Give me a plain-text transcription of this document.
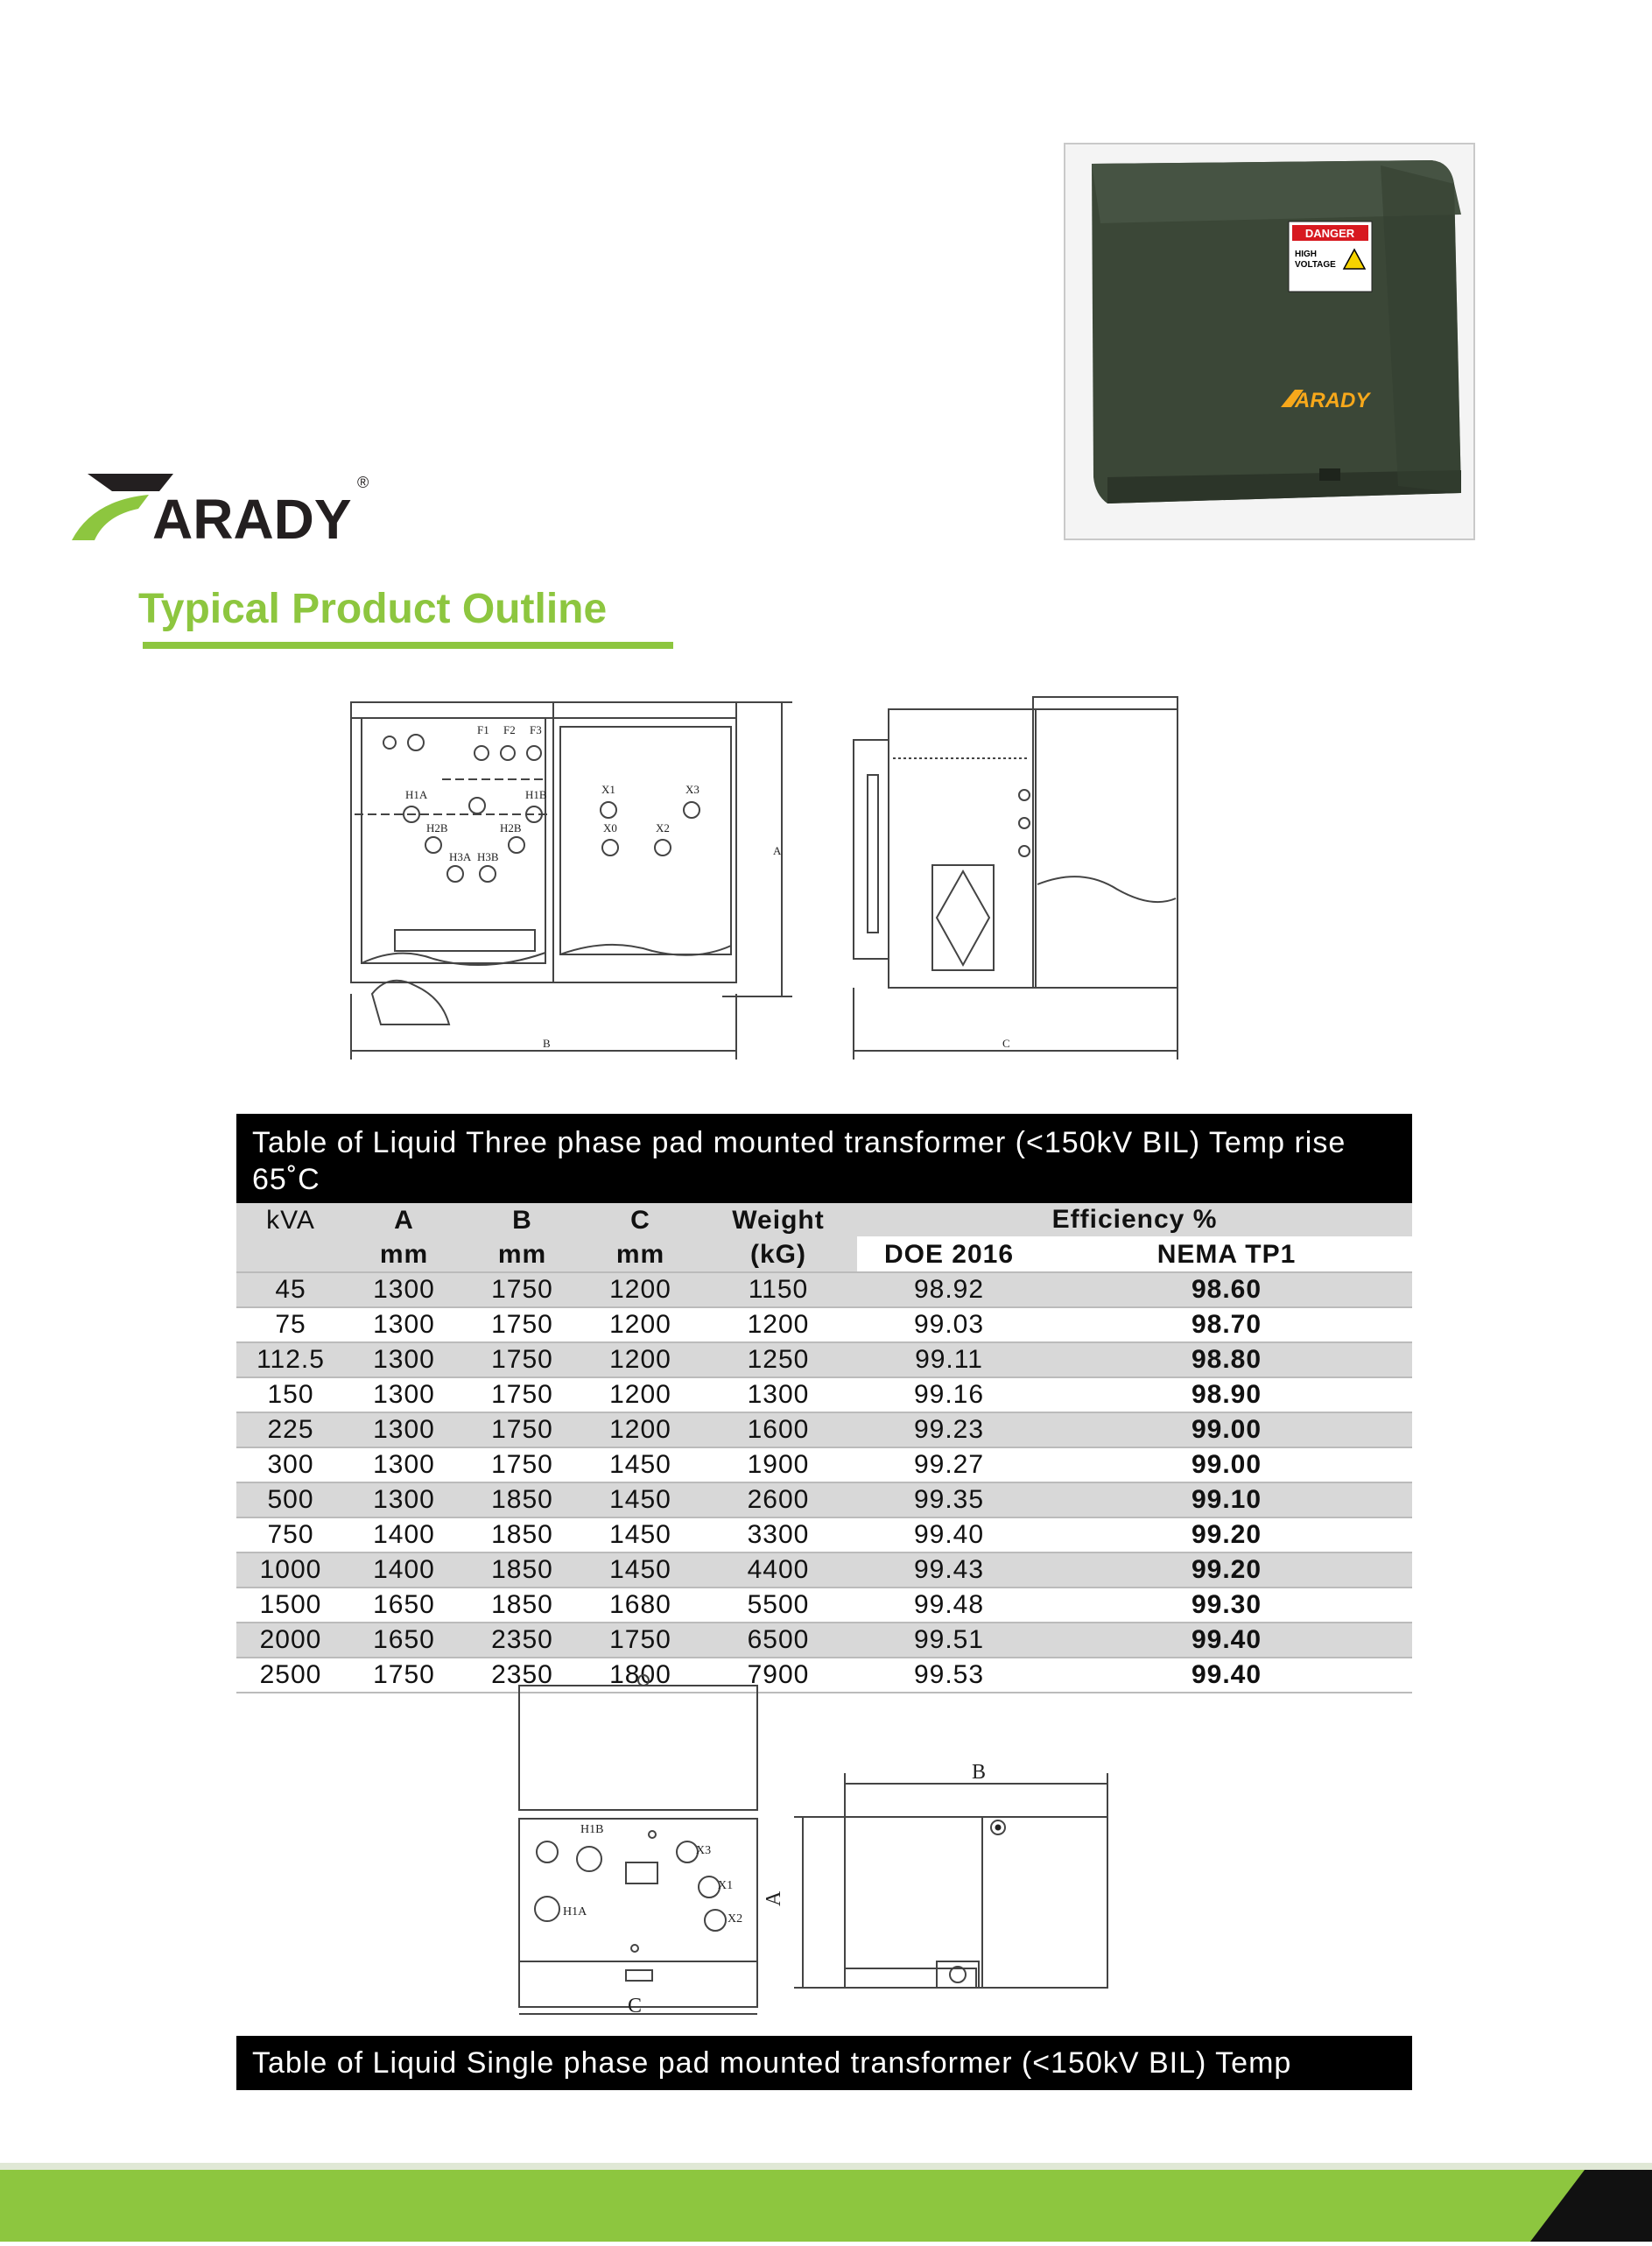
DANGER
HIGH
VOLTAGE
ARADY
ARADY
®
Typical Product Outline
F1 F2 F3
H1A	H1B
H2B	H2B
H3A H3B
X1	X3
X0	X2
B
A
C
Table of Liquid Three phase pad mounted transformer (<150kV BIL) Temp rise 65˚C
kVA	A	B	C	Weight	Efficiency %	
	mm	mm	mm	(kG)	DOE 2016	NEMA TP1
45	1300	1750	1200	1150	98.92	98.60
75	1300	1750	1200	1200	99.03	98.70
112.5	1300	1750	1200	1250	99.11	98.80
150	1300	1750	1200	1300	99.16	98.90
225	1300	1750	1200	1600	99.23	99.00
300	1300	1750	1450	1900	99.27	99.00
500	1300	1850	1450	2600	99.35	99.10
750	1400	1850	1450	3300	99.40	99.20
1000	1400	1850	1450	4400	99.43	99.20
1500	1650	1850	1680	5500	99.48	99.30
2000	1650	2350	1750	6500	99.51	99.40
2500	1750	2350	1800	7900	99.53	99.40
H1B
X3
X1
H1A
X2
B
A
C
Table of Liquid Single phase pad mounted transformer (<150kV BIL) Temp
